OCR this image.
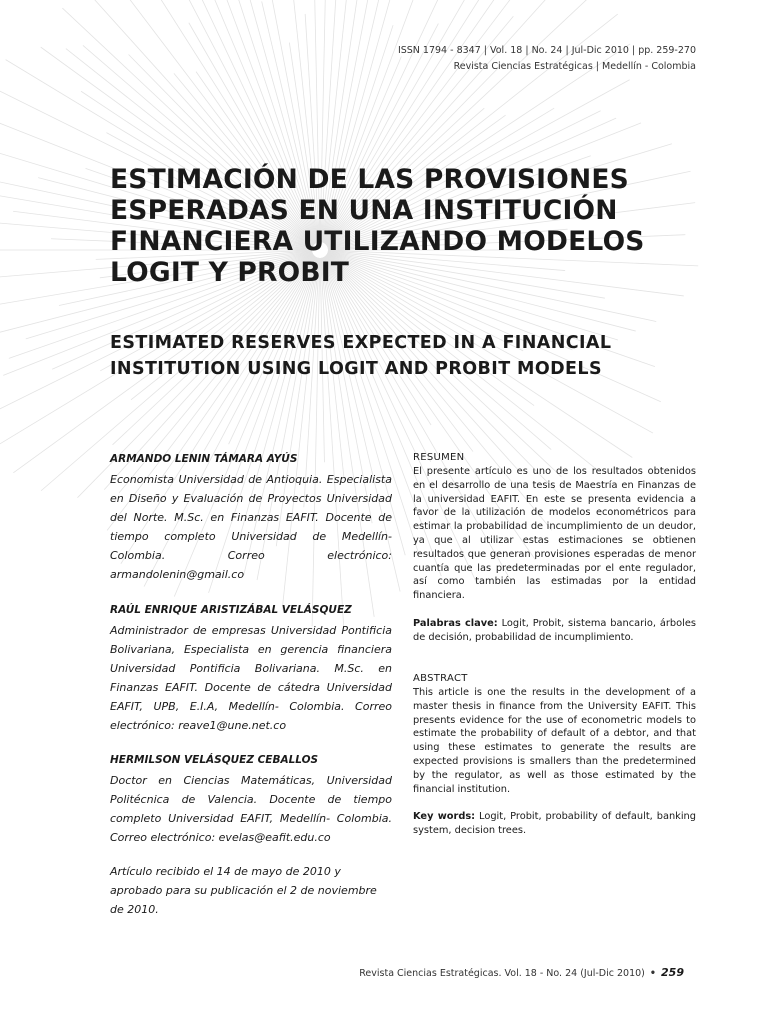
ISSN 1794 - 8347 | Vol. 18 | No. 24 | Jul-Dic 2010 | pp. 259-270
Revista Ciencias Estratégicas | Medellín - Colombia
ESTIMACIÓN DE LAS PROVISIONES ESPERADAS EN UNA INSTITUCIÓN FINANCIERA UTILIZANDO MODELOS LOGIT Y PROBIT
ESTIMATED RESERVES EXPECTED IN A FINANCIAL INSTITUTION USING LOGIT AND PROBIT MODELS
ARMANDO LENIN TÁMARA AYÚS
Economista Universidad de Antioquia. Especialista en Diseño y Evaluación de Proyectos Universidad del Norte. M.Sc. en Finanzas EAFIT. Docente de tiempo completo Universidad de Medellín- Colombia. Correo electrónico: armandolenin@gmail.co
RAÚL ENRIQUE ARISTIZÁBAL VELÁSQUEZ
Administrador de empresas Universidad Pontificia Bolivariana, Especialista en gerencia financiera Universidad Pontificia Bolivariana. M.Sc. en Finanzas EAFIT. Docente de cátedra Universidad EAFIT, UPB, E.I.A, Medellín- Colombia. Correo electrónico: reave1@une.net.co
HERMILSON VELÁSQUEZ CEBALLOS
Doctor en Ciencias Matemáticas, Universidad Politécnica de Valencia. Docente de tiempo completo Universidad EAFIT, Medellín- Colombia. Correo electrónico: evelas@eafit.edu.co
Artículo recibido el 14 de mayo de 2010 y aprobado para su publicación el 2 de noviembre de 2010.
RESUMEN
El presente artículo es uno de los resultados obtenidos en el desarrollo de una tesis de Maestría en Finanzas de la universidad EAFIT. En este se presenta evidencia a favor de la utilización de modelos econométricos para estimar la probabilidad de incumplimiento de un deudor, ya que al utilizar estas estimaciones se obtienen resultados que generan provisiones esperadas de menor cuantía que las predeterminadas por el ente regulador, así como también las estimadas por la entidad financiera.
Palabras clave: Logit, Probit, sistema bancario, árboles de decisión, probabilidad de incumplimiento.
ABSTRACT
This article is one the results in the development of a master thesis in finance from the University EAFIT. This presents evidence for the use of econometric models to estimate the probability of default of a debtor, and that using these estimates to generate the results are expected provisions is smallers than the predetermined by the regulator, as well as those estimated by the financial institution.
Key words: Logit, Probit, probability of default, banking system, decision trees.
Revista Ciencias Estratégicas. Vol. 18 - No. 24 (Jul-Dic 2010) • 259
